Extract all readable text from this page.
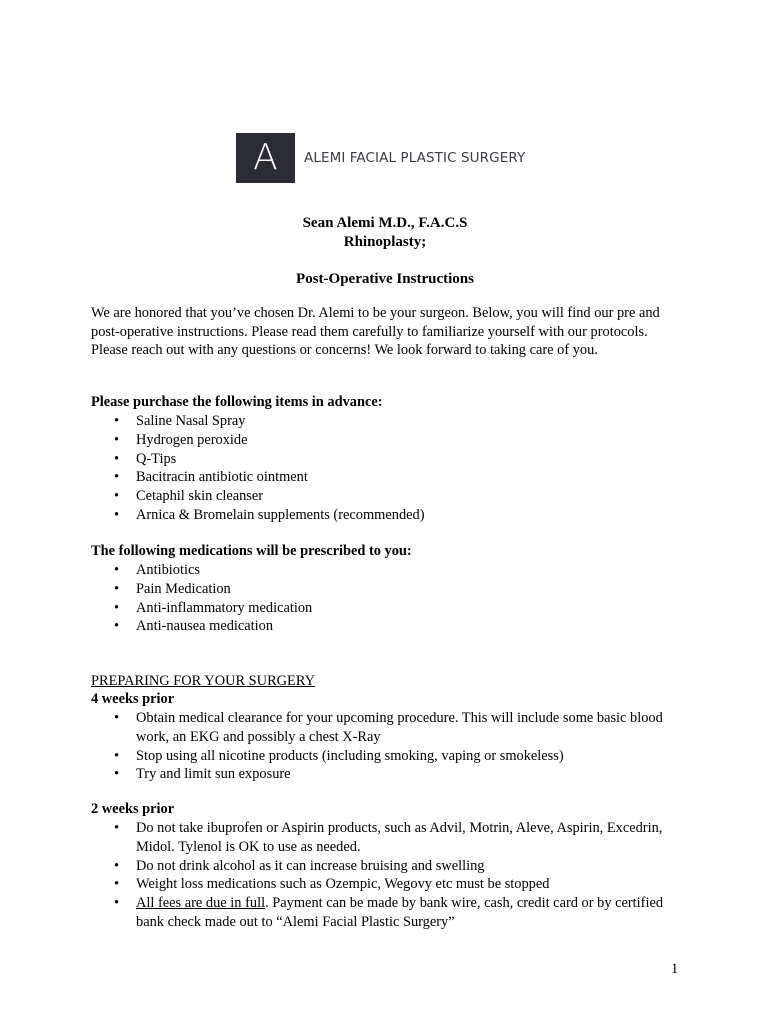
A	ALEMI FACIAL PLASTIC SURGERY
Sean Alemi M.D., F.A.C.S
Rhinoplasty;
Post-Operative Instructions
We are honored that you’ve chosen Dr. Alemi to be your surgeon. Below, you will find our pre and post-operative instructions. Please read them carefully to familiarize yourself with our protocols. Please reach out with any questions or concerns! We look forward to taking care of you.
Please purchase the following items in advance:
• Saline Nasal Spray
• Hydrogen peroxide
• Q-Tips
• Bacitracin antibiotic ointment
• Cetaphil skin cleanser
• Arnica & Bromelain supplements (recommended)
The following medications will be prescribed to you:
• Antibiotics
• Pain Medication
• Anti-inflammatory medication
• Anti-nausea medication
PREPARING FOR YOUR SURGERY
4 weeks prior
• Obtain medical clearance for your upcoming procedure. This will include some basic blood work, an EKG and possibly a chest X-Ray
• Stop using all nicotine products (including smoking, vaping or smokeless)
• Try and limit sun exposure
2 weeks prior
• Do not take ibuprofen or Aspirin products, such as Advil, Motrin, Aleve, Aspirin, Excedrin, Midol. Tylenol is OK to use as needed.
• Do not drink alcohol as it can increase bruising and swelling
• Weight loss medications such as Ozempic, Wegovy etc must be stopped
• All fees are due in full. Payment can be made by bank wire, cash, credit card or by certified bank check made out to “Alemi Facial Plastic Surgery”
1
